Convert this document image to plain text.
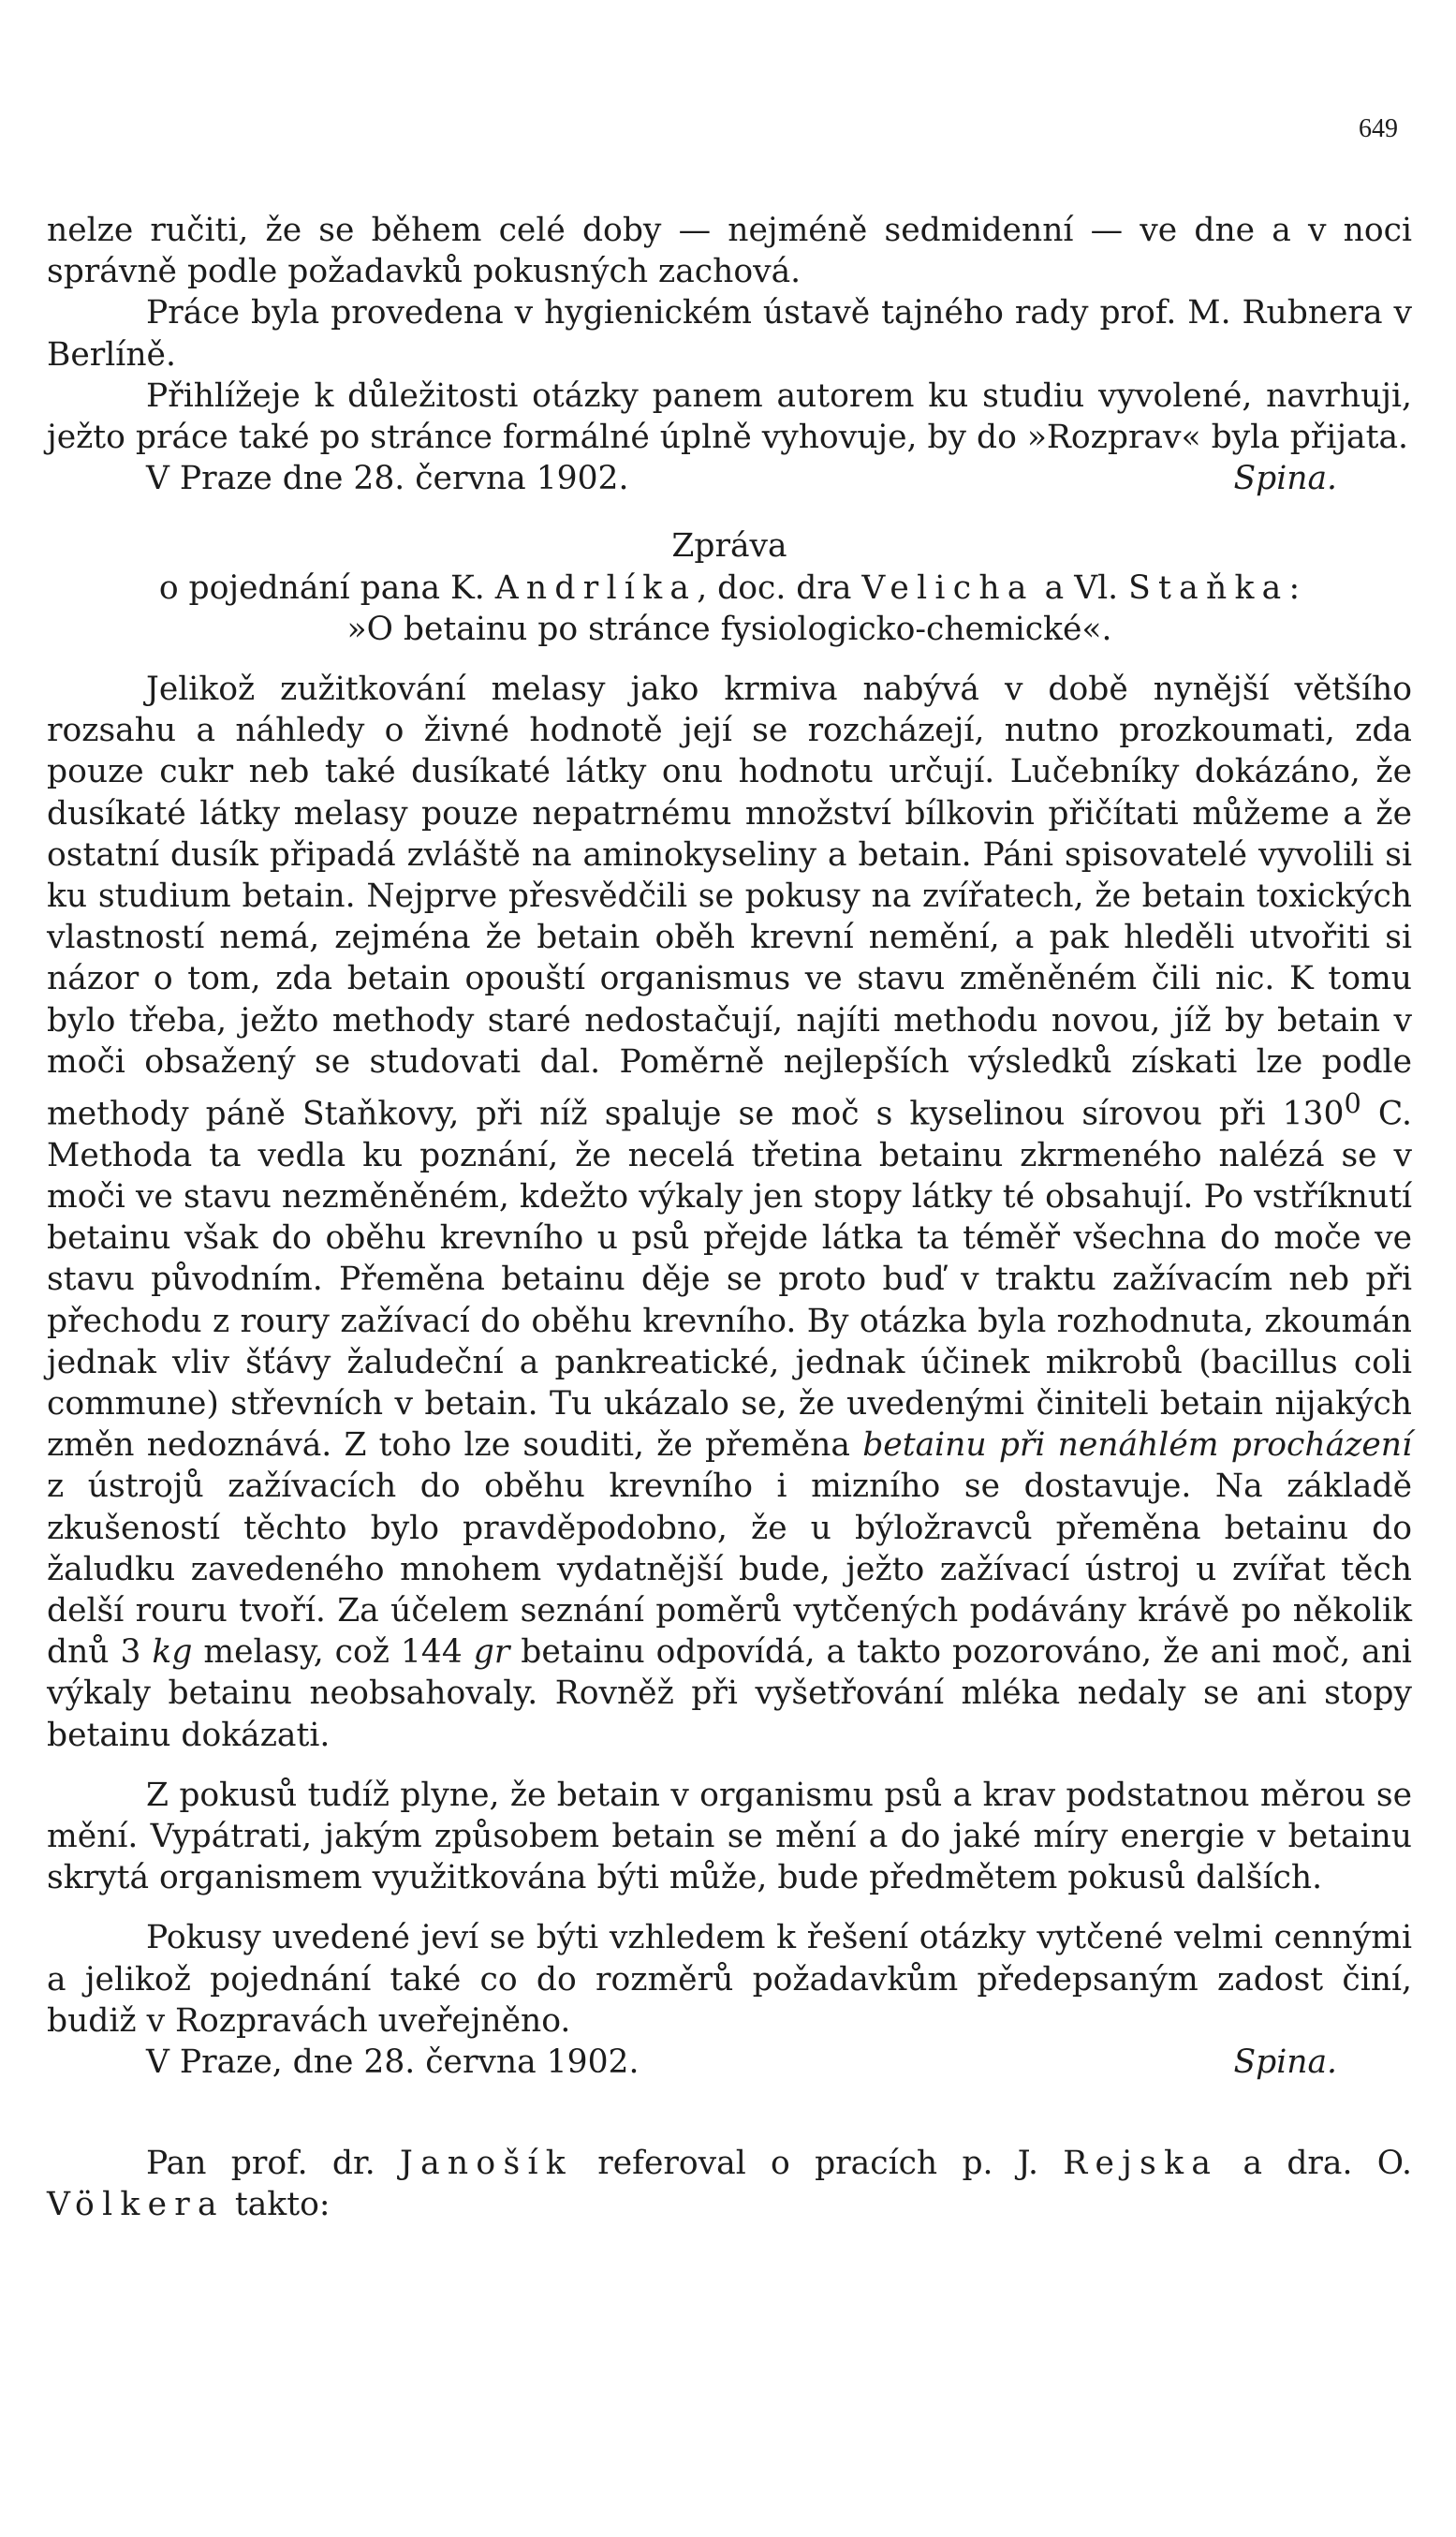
649

nelze ručiti, že se během celé doby — nejméně sedmidenní — ve dne a v noci správně podle požadavků pokusných zachová.

Práce byla provedena v hygienickém ústavě tajného rady prof. M. Rubnera v Berlíně.

Přihlížeje k důležitosti otázky panem autorem ku studiu vyvolené, navrhuji, ježto práce také po stránce formálné úplně vyhovuje, by do »Rozprav« byla přijata.

V Praze dne 28. června 1902.	Spina.
Zpráva
o pojednání pana K. Andrlíka, doc. dra Velicha a Vl. Staňka:
»O betainu po stránce fysiologicko-chemické«.

Jelikož zužitkování melasy jako krmiva nabývá v době nynější většího rozsahu a náhledy o živné hodnotě její se rozcházejí, nutno prozkoumati, zda pouze cukr neb také dusíkaté látky onu hodnotu určují. Lučebníky dokázáno, že dusíkaté látky melasy pouze nepatrnému množství bílkovin přičítati můžeme a že ostatní dusík připadá zvláště na aminokyseliny a betain. Páni spisovatelé vyvolili si ku studium betain. Nejprve přesvědčili se pokusy na zvířatech, že betain toxických vlastností nemá, zejména že betain oběh krevní nemění, a pak hleděli utvořiti si názor o tom, zda betain opouští organismus ve stavu změněném čili nic. K tomu bylo třeba, ježto methody staré nedostačují, najíti methodu novou, jíž by betain v moči obsažený se studovati dal. Poměrně nejlepších výsledků získati lze podle methody páně Staňkovy, při níž spaluje se moč s kyselinou sírovou při $130^0$ C. Methoda ta vedla ku poznání, že necelá třetina betainu zkrmeného nalézá se v moči ve stavu nezměněném, kdežto výkaly jen stopy látky té obsahují. Po vstříknutí betainu však do oběhu krevního u psů přejde látka ta téměř všechna do moče ve stavu původním. Přeměna betainu děje se proto buď v traktu zažívacím neb při přechodu z roury zažívací do oběhu krevního. By otázka byla rozhodnuta, zkoumán jednak vliv šťávy žaludeční a pankreatické, jednak účinek mikrobů (bacillus coli commune) střevních v betain. Tu ukázalo se, že uvedenými činiteli betain nijakých změn nedoznává. Z toho lze souditi, že přeměna betainu při nenáhlém procházení z ústrojů zažívacích do oběhu krevního i mizního se dostavuje. Na základě zkušeností těchto bylo pravděpodobno, že u býložravců přeměna betainu do žaludku zavedeného mnohem vydatnější bude, ježto zažívací ústroj u zvířat těch delší rouru tvoří. Za účelem seznání poměrů vytčených podávány krávě po několik dnů 3 kg melasy, což 144 gr betainu odpovídá, a takto pozorováno, že ani moč, ani výkaly betainu neobsahovaly. Rovněž při vyšetřování mléka nedaly se ani stopy betainu dokázati.

Z pokusů tudíž plyne, že betain v organismu psů a krav podstatnou měrou se mění. Vypátrati, jakým způsobem betain se mění a do jaké míry energie v betainu skrytá organismem využitkována býti může, bude předmětem pokusů dalších.

Pokusy uvedené jeví se býti vzhledem k řešení otázky vytčené velmi cennými a jelikož pojednání také co do rozměrů požadavkům předepsaným zadost činí, budiž v Rozpravách uveřejněno.

V Praze, dne 28. června 1902.	Spina.

Pan prof. dr. Janošík referoval o pracích p. J. Rejska a dra. O. Völkera takto:
